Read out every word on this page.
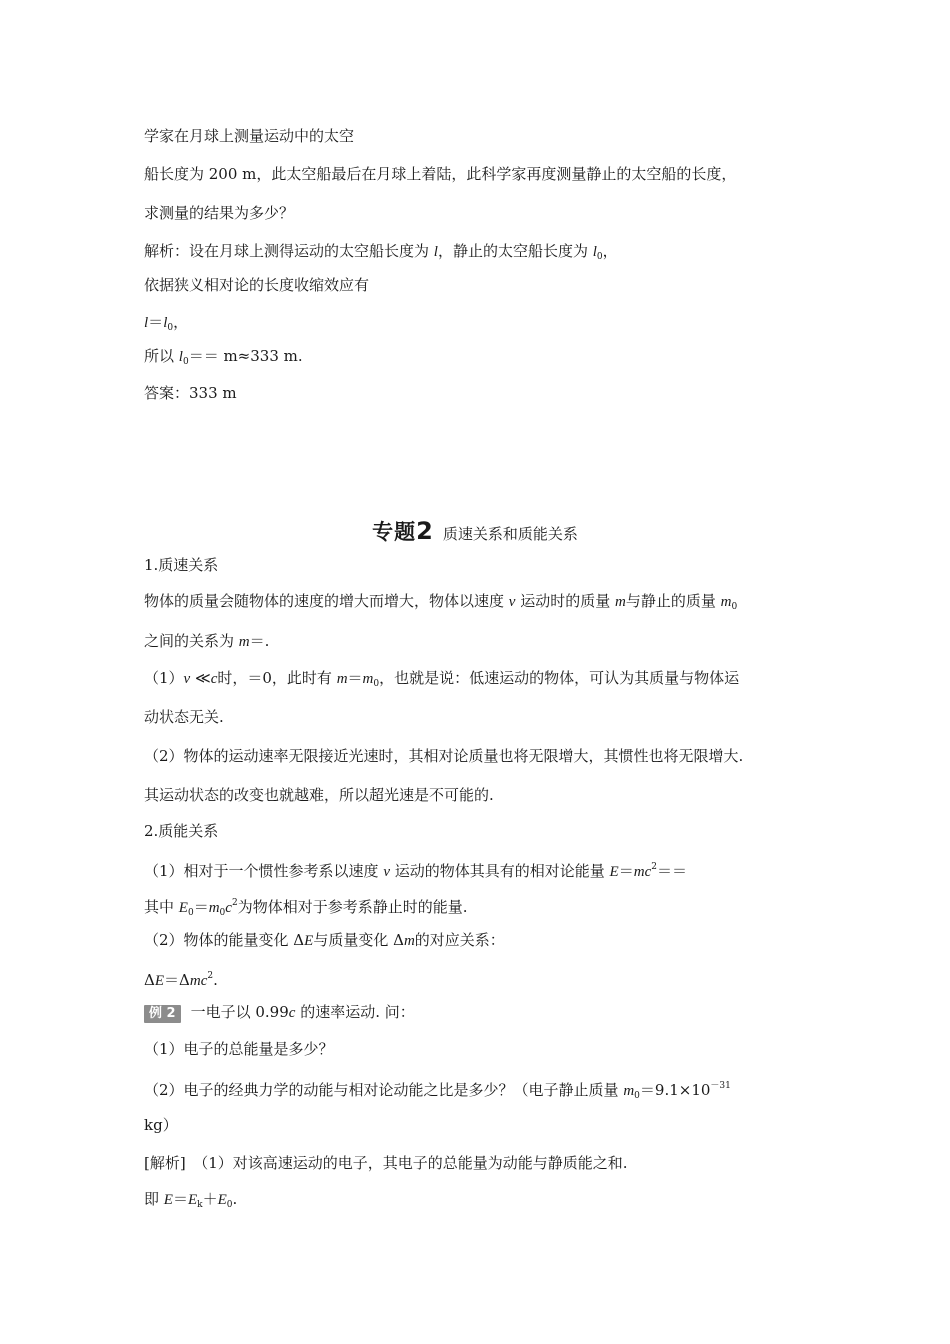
学家在月球上测量运动中的太空
船长度为 200 m，此太空船最后在月球上着陆，此科学家再度测量静止的太空船的长度，
求测量的结果为多少？
解析：设在月球上测得运动的太空船长度为 l，静止的太空船长度为 $l_0$，
依据狭义相对论的长度收缩效应有
$l=l_0$，
所以 $l_0== m\approx 333$ m.
答案：333 m
专题2 质速关系和质能关系
1.质速关系
物体的质量会随物体的速度的增大而增大，物体以速度 v 运动时的质量 m与静止的质量 $m_0$
之间的关系为 m＝.
（1）v ≪c时，＝0，此时有 $m=m_0$，也就是说：低速运动的物体，可认为其质量与物体运
动状态无关.
（2）物体的运动速率无限接近光速时，其相对论质量也将无限增大，其惯性也将无限增大.
其运动状态的改变也就越难，所以超光速是不可能的.
2.质能关系
（1）相对于一个惯性参考系以速度 v 运动的物体其具有的相对论能量 $E=mc^2==$
其中 $E_0=m_0c^2$为物体相对于参考系静止时的能量.
（2）物体的能量变化 ΔE与质量变化 Δm的对应关系：
ΔE＝Δmc$^2$.
例 2 一电子以 0.99c 的速率运动. 问：
（1）电子的总能量是多少？
（2）电子的经典力学的动能与相对论动能之比是多少？（电子静止质量 $m_0=9.1\times 10^{-31}$
kg）
[解析]　（1）对该高速运动的电子，其电子的总能量为动能与静质能之和.
即 $E=E_k+E_0$.
